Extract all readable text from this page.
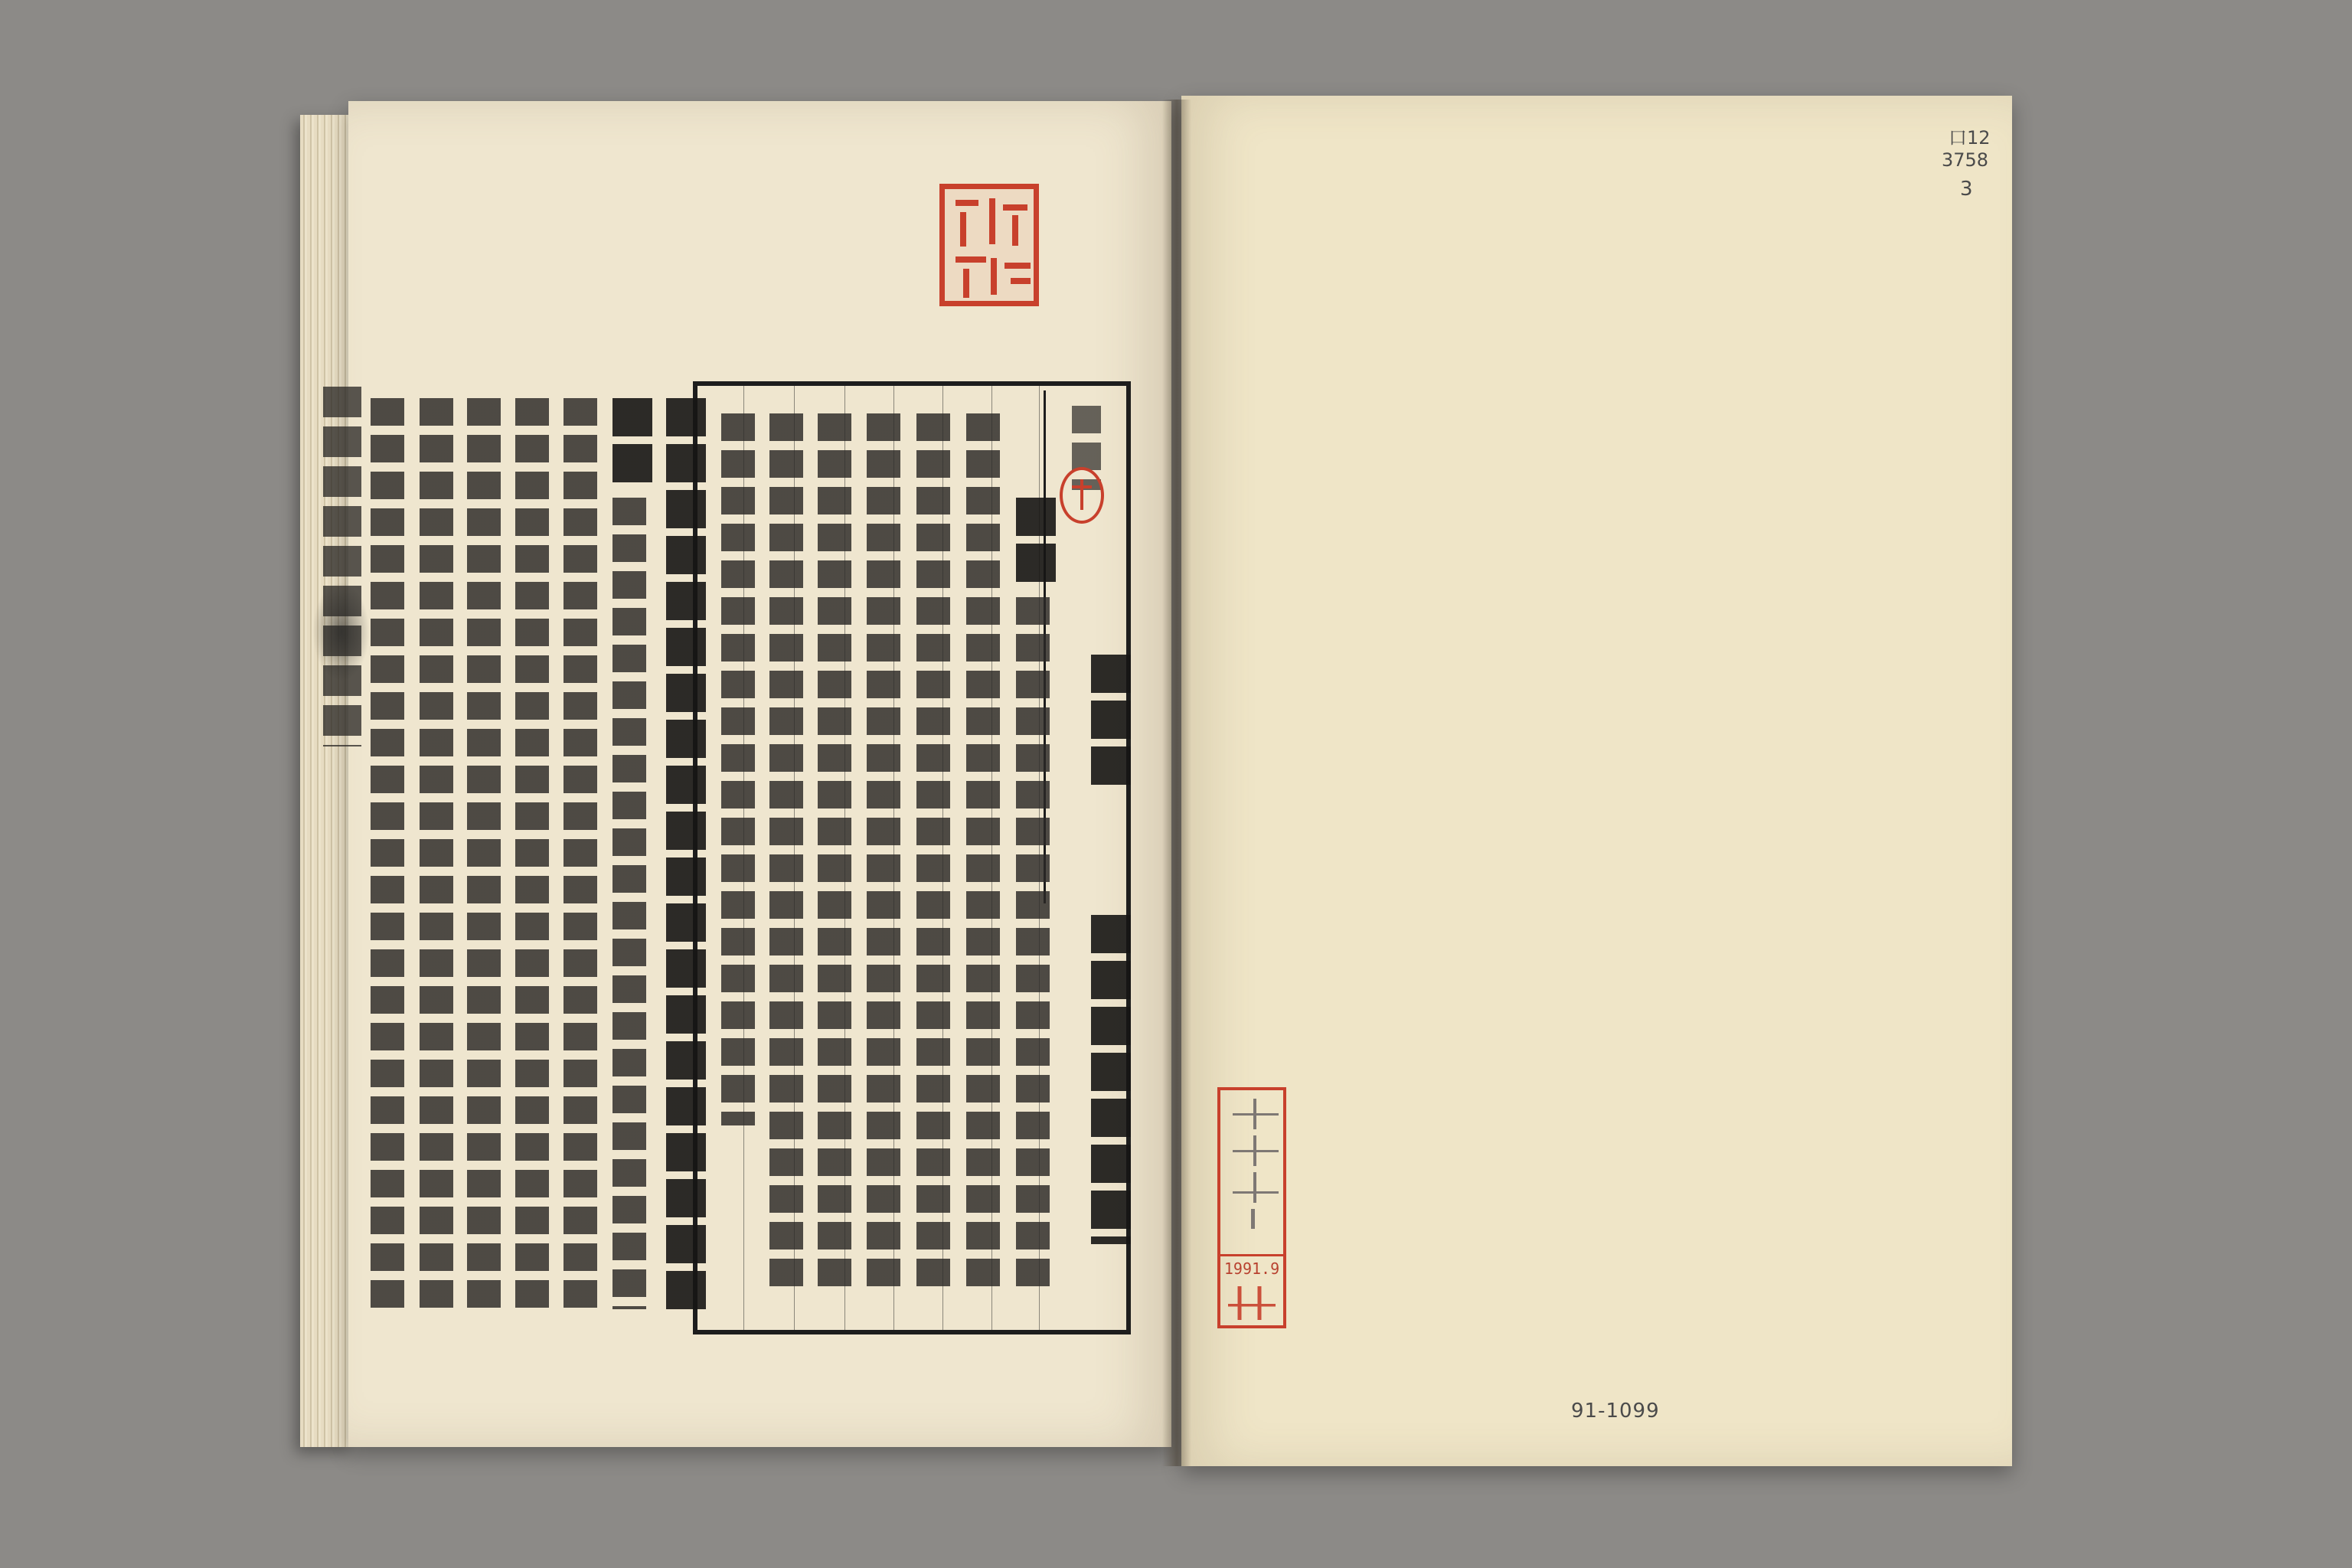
1991.9
口12
3758
3
91-1099
